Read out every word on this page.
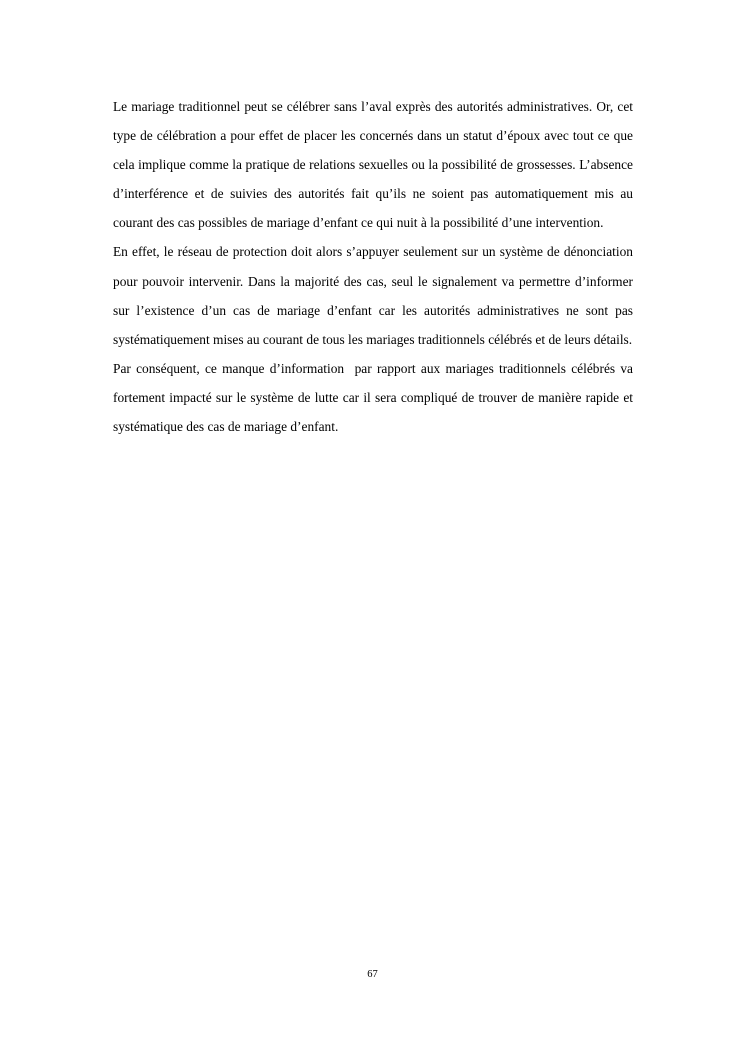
Le mariage traditionnel peut se célébrer sans l’aval exprès des autorités administratives. Or, cet type de célébration a pour effet de placer les concernés dans un statut d’époux avec tout ce que cela implique comme la pratique de relations sexuelles ou la possibilité de grossesses. L’absence d’interférence et de suivies des autorités fait qu’ils ne soient pas automatiquement mis au courant des cas possibles de mariage d’enfant ce qui nuit à la possibilité d’une intervention.

En effet, le réseau de protection doit alors s’appuyer seulement sur un système de dénonciation pour pouvoir intervenir. Dans la majorité des cas, seul le signalement va permettre d’informer sur l’existence d’un cas de mariage d’enfant car les autorités administratives ne sont pas systématiquement mises au courant de tous les mariages traditionnels célébrés et de leurs détails.

Par conséquent, ce manque d’information  par rapport aux mariages traditionnels célébrés va fortement impacté sur le système de lutte car il sera compliqué de trouver de manière rapide et systématique des cas de mariage d’enfant.

67
